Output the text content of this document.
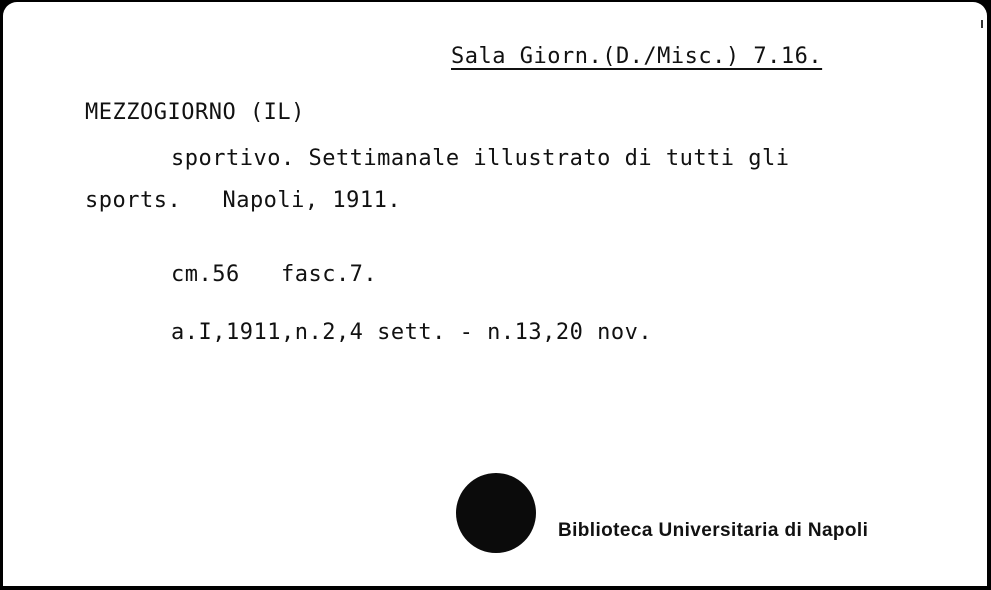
Sala Giorn.(D./Misc.) 7.16.
MEZZOGIORNO (IL)
sportivo. Settimanale illustrato di tutti gli
sports.   Napoli, 1911.
cm.56   fasc.7.
a.I,1911,n.2,4 sett. - n.13,20 nov.
Biblioteca Universitaria di Napoli
